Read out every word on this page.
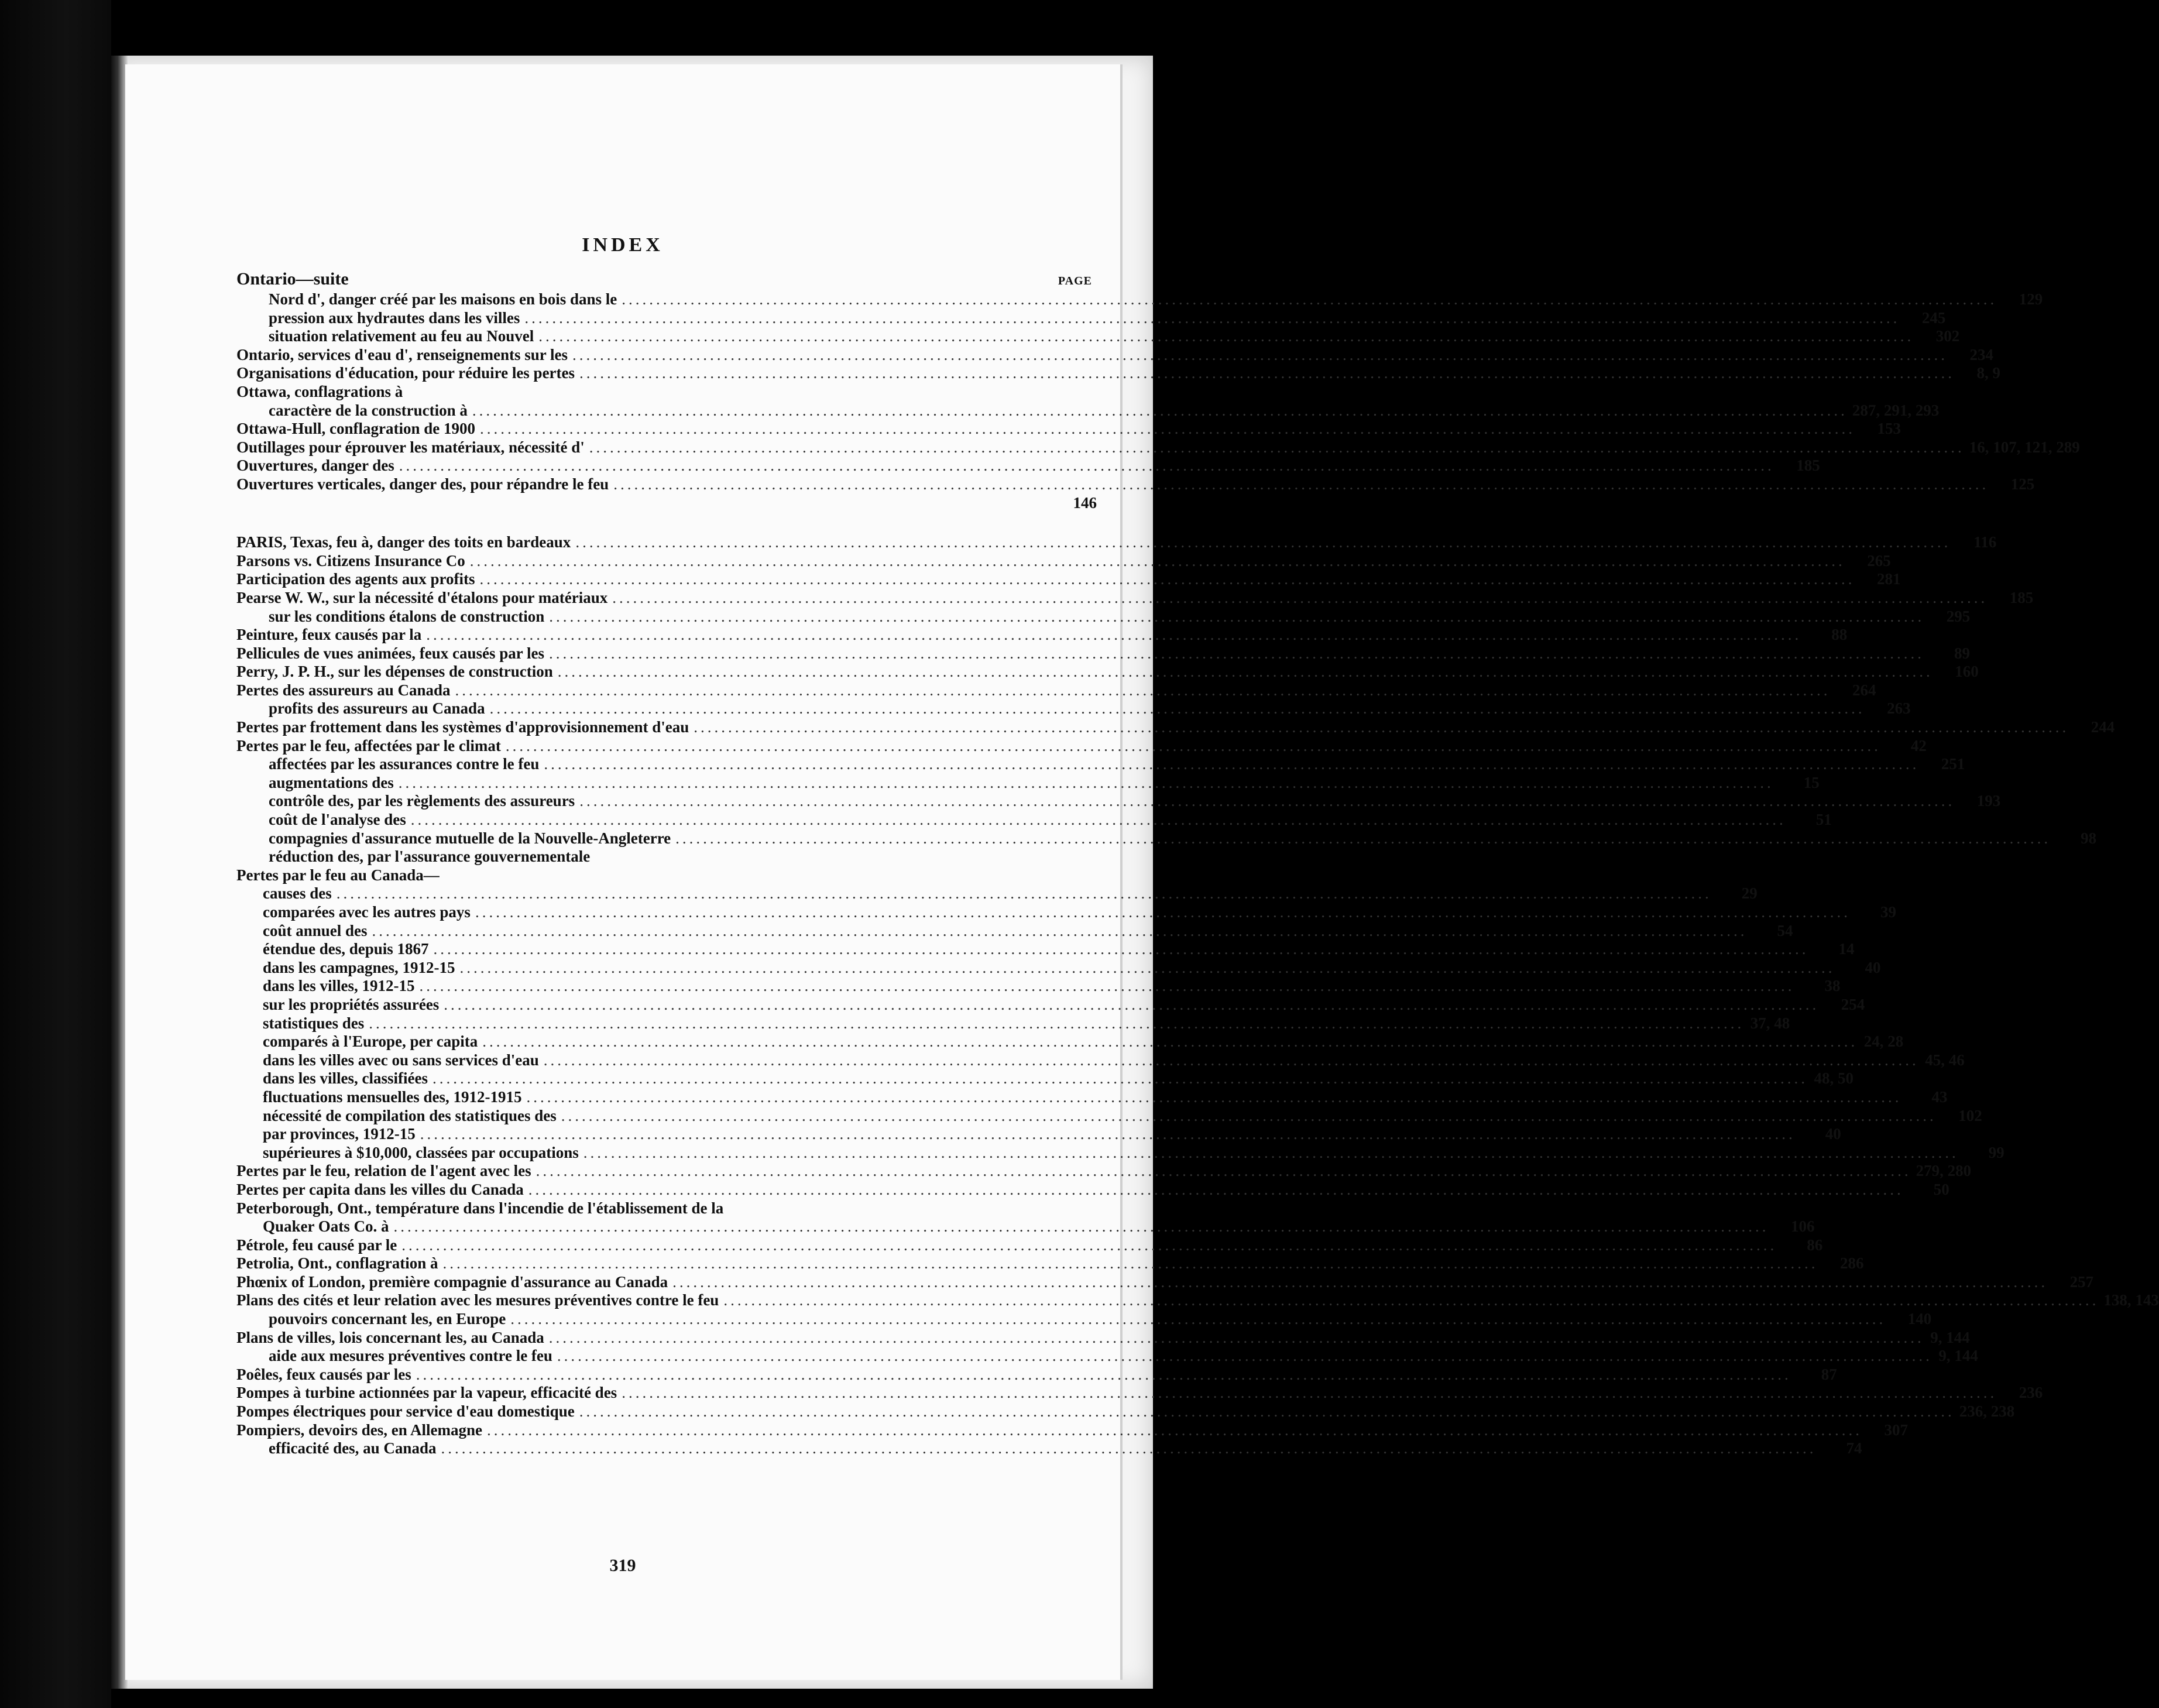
INDEX
Ontario—suite	PAGE
Nord d', danger créé par les maisons en bois dans le ........................................................................................................................................................................................................	129
pression aux hydrautes dans les villes ........................................................................................................................................................................................................	245
situation relativement au feu au Nouvel ........................................................................................................................................................................................................	302
Ontario, services d'eau d', renseignements sur les ........................................................................................................................................................................................................	234
Organisations d'éducation, pour réduire les pertes ........................................................................................................................................................................................................	8, 9
Ottawa, conflagrations à
caractère de la construction à ........................................................................................................................................................................................................ 287, 291, 293
Ottawa-Hull, conflagration de 1900 ........................................................................................................................................................................................................	153
Outillages pour éprouver les matériaux, nécessité d' ........................................................................................................................................................................................................ 16, 107, 121, 289
Ouvertures, danger des ........................................................................................................................................................................................................	185
Ouvertures verticales, danger des, pour répandre le feu ........................................................................................................................................................................................................	125
146
PARIS, Texas, feu à, danger des toits en bardeaux ........................................................................................................................................................................................................	116
Parsons vs. Citizens Insurance Co ........................................................................................................................................................................................................	265
Participation des agents aux profits ........................................................................................................................................................................................................	281
Pearse W. W., sur la nécessité d'étalons pour matériaux ........................................................................................................................................................................................................	185
sur les conditions étalons de construction ........................................................................................................................................................................................................	295
Peinture, feux causés par la ........................................................................................................................................................................................................	88
Pellicules de vues animées, feux causés par les ........................................................................................................................................................................................................	89
Perry, J. P. H., sur les dépenses de construction ........................................................................................................................................................................................................	160
Pertes des assureurs au Canada ........................................................................................................................................................................................................	264
profits des assureurs au Canada ........................................................................................................................................................................................................	263
Pertes par frottement dans les systèmes d'approvisionnement d'eau ........................................................................................................................................................................................................	244
Pertes par le feu, affectées par le climat ........................................................................................................................................................................................................	42
affectées par les assurances contre le feu ........................................................................................................................................................................................................	251
augmentations des ........................................................................................................................................................................................................	15
contrôle des, par les règlements des assureurs ........................................................................................................................................................................................................	193
coût de l'analyse des ........................................................................................................................................................................................................	51
compagnies d'assurance mutuelle de la Nouvelle-Angleterre ........................................................................................................................................................................................................	98
réduction des, par l'assurance gouvernementale
Pertes par le feu au Canada—
causes des ........................................................................................................................................................................................................	29
comparées avec les autres pays ........................................................................................................................................................................................................	39
coût annuel des ........................................................................................................................................................................................................	54
étendue des, depuis 1867 ........................................................................................................................................................................................................	14
dans les campagnes, 1912-15 ........................................................................................................................................................................................................	40
dans les villes, 1912-15 ........................................................................................................................................................................................................	38
sur les propriétés assurées ........................................................................................................................................................................................................	254
statistiques des ........................................................................................................................................................................................................ 37, 48
comparés à l'Europe, per capita ........................................................................................................................................................................................................ 24, 28
dans les villes avec ou sans services d'eau ........................................................................................................................................................................................................ 45, 46
dans les villes, classifiées ........................................................................................................................................................................................................ 48, 50
fluctuations mensuelles des, 1912-1915 ........................................................................................................................................................................................................	43
nécessité de compilation des statistiques des ........................................................................................................................................................................................................	102
par provinces, 1912-15 ........................................................................................................................................................................................................	40
supérieures à $10,000, classées par occupations ........................................................................................................................................................................................................	99
Pertes par le feu, relation de l'agent avec les ........................................................................................................................................................................................................ 279, 280
Pertes per capita dans les villes du Canada ........................................................................................................................................................................................................	50
Peterborough, Ont., température dans l'incendie de l'établissement de la
Quaker Oats Co. à ........................................................................................................................................................................................................	106
Pétrole, feu causé par le ........................................................................................................................................................................................................	86
Petrolia, Ont., conflagration à ........................................................................................................................................................................................................	286
Phœnix of London, première compagnie d'assurance au Canada ........................................................................................................................................................................................................	257
Plans des cités et leur relation avec les mesures préventives contre le feu ........................................................................................................................................................................................................ 138, 143
pouvoirs concernant les, en Europe ........................................................................................................................................................................................................	140
Plans de villes, lois concernant les, au Canada ........................................................................................................................................................................................................ 9, 144
aide aux mesures préventives contre le feu ........................................................................................................................................................................................................ 9, 144
Poêles, feux causés par les ........................................................................................................................................................................................................	87
Pompes à turbine actionnées par la vapeur, efficacité des ........................................................................................................................................................................................................	236
Pompes électriques pour service d'eau domestique ........................................................................................................................................................................................................ 236, 238
Pompiers, devoirs des, en Allemagne ........................................................................................................................................................................................................	307
efficacité des, au Canada ........................................................................................................................................................................................................	74
319
